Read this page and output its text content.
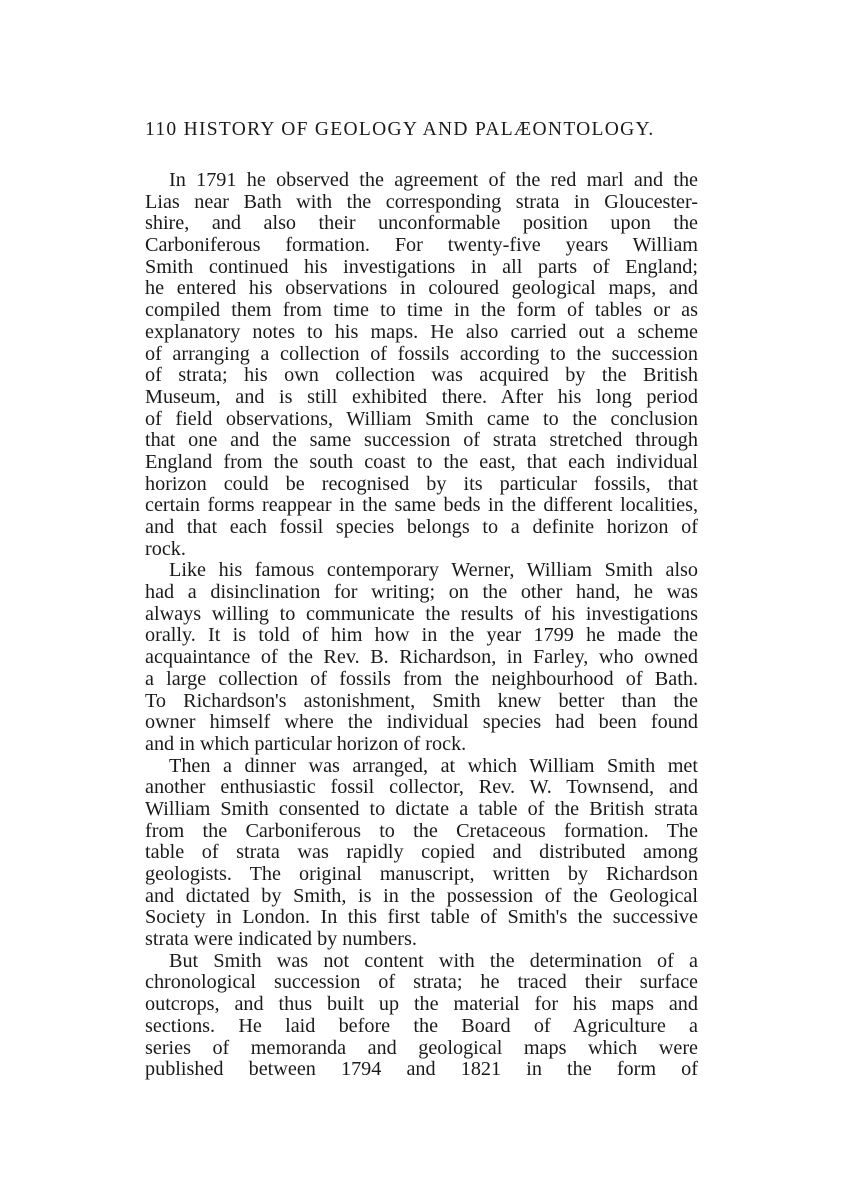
110 HISTORY OF GEOLOGY AND PALÆONTOLOGY.
In 1791 he observed the agreement of the red marl and the
Lias near Bath with the corresponding strata in Gloucester-
shire, and also their unconformable position upon the
Carboniferous formation. For twenty-five years William
Smith continued his investigations in all parts of England;
he entered his observations in coloured geological maps, and
compiled them from time to time in the form of tables or as
explanatory notes to his maps. He also carried out a scheme
of arranging a collection of fossils according to the succession
of strata; his own collection was acquired by the British
Museum, and is still exhibited there. After his long period
of field observations, William Smith came to the conclusion
that one and the same succession of strata stretched through
England from the south coast to the east, that each individual
horizon could be recognised by its particular fossils, that
certain forms reappear in the same beds in the different localities,
and that each fossil species belongs to a definite horizon of
rock.
Like his famous contemporary Werner, William Smith also
had a disinclination for writing; on the other hand, he was
always willing to communicate the results of his investigations
orally. It is told of him how in the year 1799 he made the
acquaintance of the Rev. B. Richardson, in Farley, who owned
a large collection of fossils from the neighbourhood of Bath.
To Richardson's astonishment, Smith knew better than the
owner himself where the individual species had been found
and in which particular horizon of rock.
Then a dinner was arranged, at which William Smith met
another enthusiastic fossil collector, Rev. W. Townsend, and
William Smith consented to dictate a table of the British strata
from the Carboniferous to the Cretaceous formation. The
table of strata was rapidly copied and distributed among
geologists. The original manuscript, written by Richardson
and dictated by Smith, is in the possession of the Geological
Society in London. In this first table of Smith's the successive
strata were indicated by numbers.
But Smith was not content with the determination of a
chronological succession of strata; he traced their surface
outcrops, and thus built up the material for his maps and
sections. He laid before the Board of Agriculture a
series of memoranda and geological maps which were
published between 1794 and 1821 in the form of
